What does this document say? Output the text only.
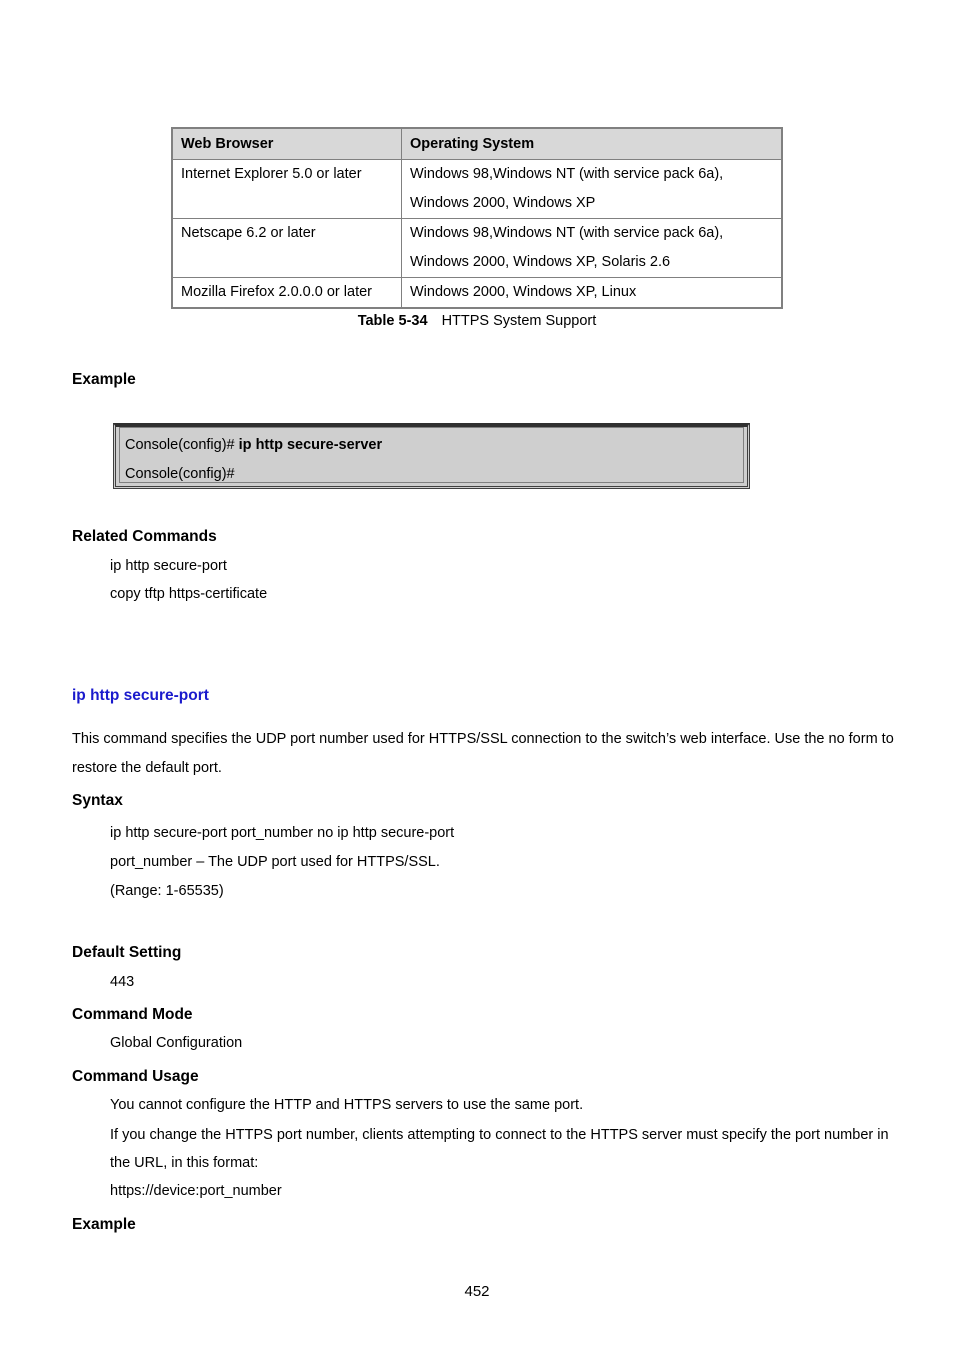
Web Browser	Operating System
Internet Explorer 5.0 or later	Windows 98,Windows NT (with service pack 6a),
Windows 2000, Windows XP

Netscape 6.2 or later	Windows 98,Windows NT (with service pack 6a),
Windows 2000, Windows XP, Solaris 2.6

Mozilla Firefox 2.0.0.0 or later	Windows 2000, Windows XP, Linux
Table 5-34 HTTPS System Support
Example
Console(config)# ip http secure-server
Console(config)#
Related Commands
ip http secure-port
copy tftp https-certificate
ip http secure-port
This command specifies the UDP port number used for HTTPS/SSL connection to the switch’s web interface. Use the no form to
restore the default port.
Syntax
ip http secure-port port_number no ip http secure-port
port_number – The UDP port used for HTTPS/SSL.
(Range: 1-65535)
Default Setting
443
Command Mode
Global Configuration
Command Usage
You cannot configure the HTTP and HTTPS servers to use the same port.
If you change the HTTPS port number, clients attempting to connect to the HTTPS server must specify the port number in
the URL, in this format:
https://device:port_number
Example
452
